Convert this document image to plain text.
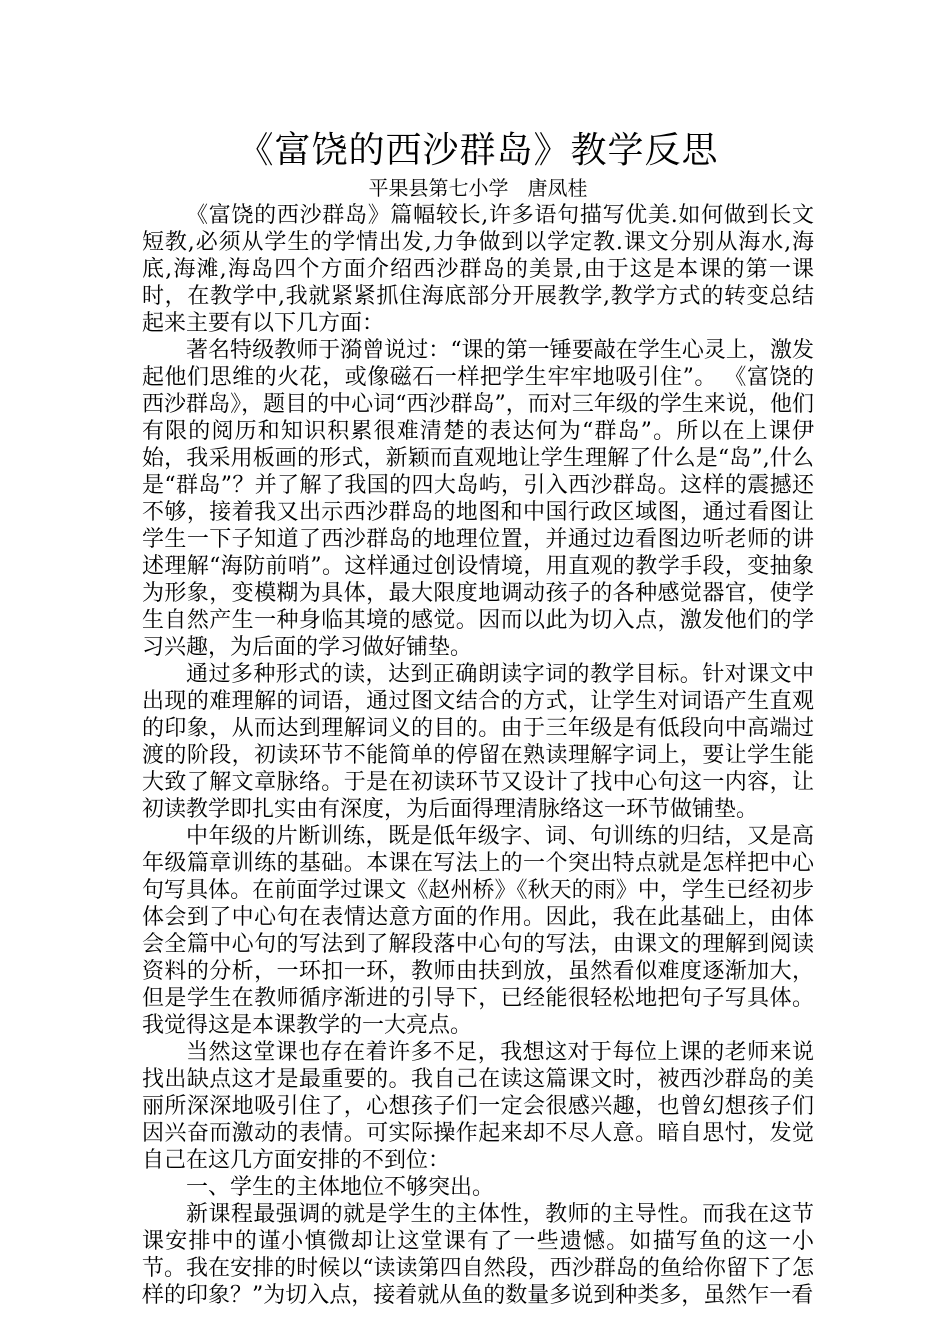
《富饶的西沙群岛》教学反思

平果县第七小学   唐凤桂

《富饶的西沙群岛》篇幅较长,许多语句描写优美.如何做到长文短教,必须从学生的学情出发,力争做到以学定教.课文分别从海水,海底,海滩,海岛四个方面介绍西沙群岛的美景,由于这是本课的第一课时，在教学中,我就紧紧抓住海底部分开展教学,教学方式的转变总结起来主要有以下几方面：

著名特级教师于漪曾说过：“课的第一锤要敲在学生心灵上，激发起他们思维的火花，或像磁石一样把学生牢牢地吸引住”。 《富饶的西沙群岛》，题目的中心词“西沙群岛”，而对三年级的学生来说，他们有限的阅历和知识积累很难清楚的表达何为“群岛”。所以在上课伊始，我采用板画的形式，新颖而直观地让学生理解了什么是“岛”,什么是“群岛”？并了解了我国的四大岛屿，引入西沙群岛。这样的震撼还不够，接着我又出示西沙群岛的地图和中国行政区域图，通过看图让学生一下子知道了西沙群岛的地理位置，并通过边看图边听老师的讲述理解“海防前哨”。这样通过创设情境，用直观的教学手段，变抽象为形象，变模糊为具体，最大限度地调动孩子的各种感觉器官，使学生自然产生一种身临其境的感觉。因而以此为切入点，激发他们的学习兴趣，为后面的学习做好铺垫。

通过多种形式的读，达到正确朗读字词的教学目标。针对课文中出现的难理解的词语，通过图文结合的方式，让学生对词语产生直观的印象，从而达到理解词义的目的。由于三年级是有低段向中高端过渡的阶段，初读环节不能简单的停留在熟读理解字词上，要让学生能大致了解文章脉络。于是在初读环节又设计了找中心句这一内容，让初读教学即扎实由有深度，为后面得理清脉络这一环节做铺垫。

中年级的片断训练，既是低年级字、词、句训练的归结，又是高年级篇章训练的基础。本课在写法上的一个突出特点就是怎样把中心句写具体。在前面学过课文《赵州桥》《秋天的雨》中，学生已经初步体会到了中心句在表情达意方面的作用。因此，我在此基础上，由体会全篇中心句的写法到了解段落中心句的写法，由课文的理解到阅读资料的分析，一环扣一环，教师由扶到放，虽然看似难度逐渐加大，但是学生在教师循序渐进的引导下，已经能很轻松地把句子写具体。我觉得这是本课教学的一大亮点。

当然这堂课也存在着许多不足，我想这对于每位上课的老师来说找出缺点这才是最重要的。我自己在读这篇课文时，被西沙群岛的美丽所深深地吸引住了，心想孩子们一定会很感兴趣，也曾幻想孩子们因兴奋而激动的表情。可实际操作起来却不尽人意。暗自思忖，发觉自己在这几方面安排的不到位：

一、学生的主体地位不够突出。

新课程最强调的就是学生的主体性，教师的主导性。而我在这节课安排中的谨小慎微却让这堂课有了一些遗憾。如描写鱼的这一小节。我在安排的时候以“读读第四自然段，西沙群岛的鱼给你留下了怎样的印象？”为切入点，接着就从鱼的数量多说到种类多，虽然乍一看
